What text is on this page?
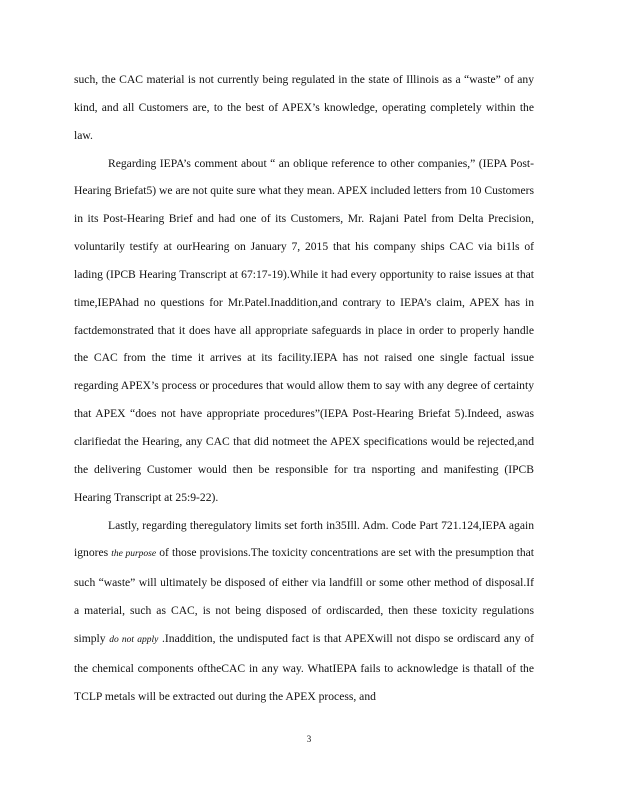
such, the CAC material is not currently being regulated in the state of Illinois as a “waste” of any kind, and all Customers are, to the best of APEX’s knowledge, operating completely within the law.

Regarding IEPA’s comment about “ an oblique reference to other companies,” (IEPA Post-Hearing Briefat5) we are not quite sure what they mean. APEX included letters from 10 Customers in its Post-Hearing Brief and had one of its Customers, Mr. Rajani Patel from Delta Precision, voluntarily testify at ourHearing on January 7, 2015 that his company ships CAC via bi1ls of lading (IPCB Hearing Transcript at 67:17-19).While it had every opportunity to raise issues at that time,IEPAhad no questions for Mr.Patel.Inaddition,and contrary to IEPA’s claim, APEX has in factdemonstrated that it does have all appropriate safeguards in place in order to properly handle the CAC from the time it arrives at its facility.IEPA has not raised one single factual issue regarding APEX’s process or procedures that would allow them to say with any degree of certainty that APEX “does not have appropriate procedures”(IEPA Post-Hearing Briefat 5).Indeed, aswas clarifiedat the Hearing, any CAC that did notmeet the APEX specifications would be rejected,and the delivering Customer would then be responsible for tra nsporting and manifesting (IPCB Hearing Transcript at 25:9-22).

Lastly, regarding theregulatory limits set forth in35Ill. Adm. Code Part 721.124,IEPA again ignores the purpose of those provisions.The toxicity concentrations are set with the presumption that such “waste” will ultimately be disposed of either via landfill or some other method of disposal.If a material, such as CAC, is not being disposed of ordiscarded, then these toxicity regulations simply do not apply .Inaddition, the undisputed fact is that APEXwill not dispo se ordiscard any of the chemical components oftheCAC in any way. WhatIEPA fails to acknowledge is thatall of the TCLP metals will be extracted out during the APEX process, and

3
